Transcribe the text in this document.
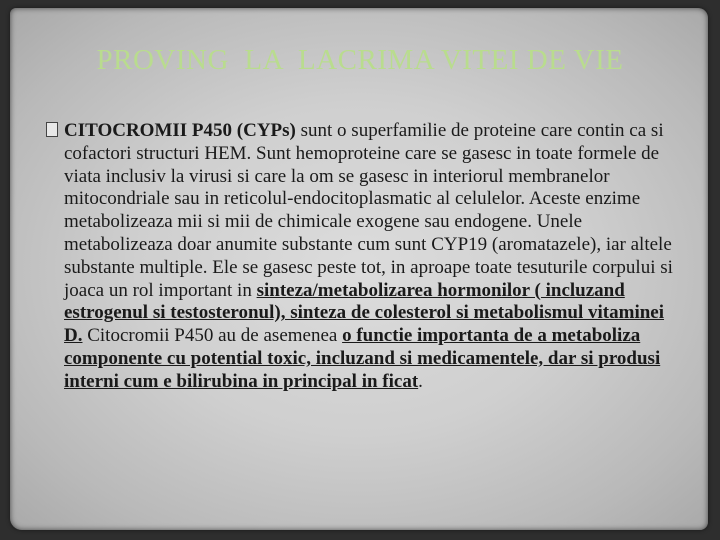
PROVING  LA  LACRIMA VITEI DE VIE

CITOCROMII P450 (CYPs) sunt o superfamilie de proteine care contin ca si cofactori structuri HEM. Sunt hemoproteine care se gasesc in toate formele de viata inclusiv la virusi si care la om se gasesc in interiorul membranelor mitocondriale sau in reticolul-endocitoplasmatic al celulelor. Aceste enzime metabolizeaza mii si mii de chimicale exogene sau endogene. Unele metabolizeaza doar anumite substante cum sunt CYP19 (aromatazele), iar altele substante multiple. Ele se gasesc peste tot, in aproape toate tesuturile corpului si joaca un rol important in sinteza/metabolizarea hormonilor ( incluzand estrogenul si testosteronul), sinteza de colesterol si metabolismul vitaminei D. Citocromii P450 au de asemenea o functie importanta de a metaboliza componente cu potential toxic, incluzand si medicamentele, dar si produsi interni cum e bilirubina in principal in ficat.
